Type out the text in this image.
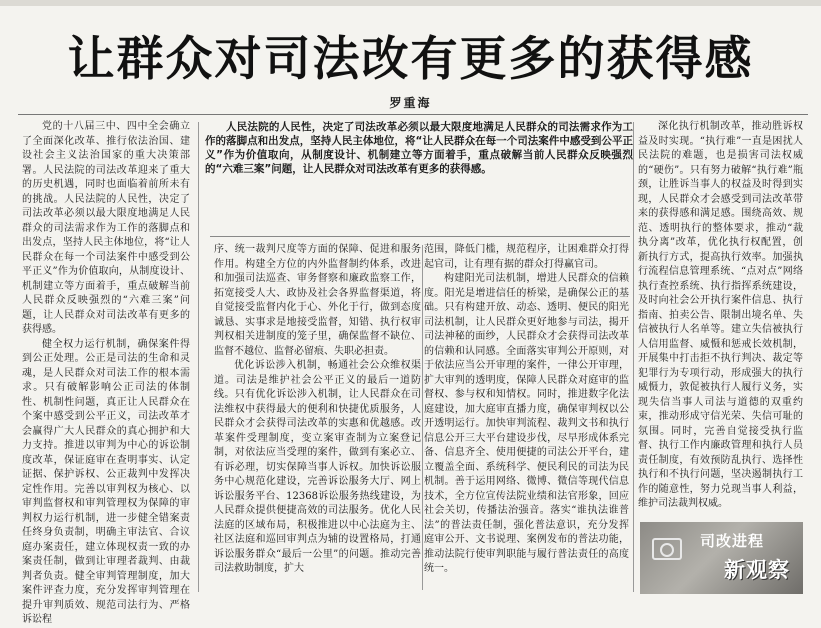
让群众对司法改有更多的获得感
罗重海

党的十八届三中、四中全会确立了全面深化改革、推行依法治国、建设社会主义法治国家的重大决策部署。人民法院的司法改革迎来了重大的历史机遇，同时也面临着前所未有的挑战。人民法院的人民性，决定了司法改革必须以最大限度地满足人民群众的司法需求作为工作的落脚点和出发点，坚持人民主体地位，将“让人民群众在每一个司法案件中感受到公平正义”作为价值取向，从制度设计、机制建立等方面着手，重点破解当前人民群众反映强烈的“六难三案”问题，让人民群众对司法改革有更多的获得感。

健全权力运行机制，确保案件得到公正处理。公正是司法的生命和灵魂，是人民群众对司法工作的根本需求。只有破解影响公正司法的体制性、机制性问题，真正让人民群众在个案中感受到公平正义，司法改革才会赢得广大人民群众的真心拥护和大力支持。推进以审判为中心的诉讼制度改革，保证庭审在查明事实、认定证据、保护诉权、公正裁判中发挥决定性作用。完善以审判权为核心、以审判监督权和审判管理权为保障的审判权力运行机制，进一步健全错案责任终身负责制，明确主审法官、合议庭办案责任，建立体现权责一致的办案责任制，做到让审理者裁判、由裁判者负责。健全审判管理制度，加大案件评查力度，充分发挥审判管理在提升审判质效、规范司法行为、严格诉讼程

人民法院的人民性，决定了司法改革必须以最大限度地满足人民群众的司法需求作为工作的落脚点和出发点，坚持人民主体地位，将“让人民群众在每一个司法案件中感受到公平正义”作为价值取向，从制度设计、机制建立等方面着手，重点破解当前人民群众反映强烈的“六难三案”问题，让人民群众对司法改革有更多的获得感。

序、统一裁判尺度等方面的保障、促进和服务作用。构建全方位的内外监督制约体系，改进和加强司法巡查、审务督察和廉政监察工作，拓宽接受人大、政协及社会各界监督渠道，将自觉接受监督内化于心、外化于行，做到态度诚恳、实事求是地接受监督，知错、执行权审判权相关进制度的笼子里，确保监督不缺位、监督不越位、监督必留痕、失职必担责。

优化诉讼涉入机制，畅通社会公众维权渠道。司法是维护社会公平正义的最后一道防线。只有优化诉讼涉入机制，让人民群众在司法维权中获得最大的便利和快捷优质服务，人民群众才会获得司法改革的实惠和优越感。改革案件受理制度，变立案审查制为立案登记制，对依法应当受理的案件，做到有案必立、有诉必理，切实保障当事人诉权。加快诉讼服务中心规范化建设，完善诉讼服务大厅、网上诉讼服务平台、12368诉讼服务热线建设，为人民群众提供便捷高效的司法服务。优化人民法庭的区域布局，积极推进以中心法庭为主、社区法庭和巡回审判点为辅的设置格局，打通诉讼服务群众“最后一公里”的问题。推动完善司法救助制度，扩大

范围，降低门槛，规范程序，让困难群众打得起官司，让有理有据的群众打得赢官司。

构建阳光司法机制，增进人民群众的信赖度。阳光是增进信任的桥梁，是确保公正的基础。只有构建开放、动态、透明、便民的阳光司法机制，让人民群众更好地参与司法，揭开司法神秘的面纱，人民群众才会获得司法改革的信赖和认同感。全面落实审判公开原则，对于依法应当公开审理的案件，一律公开审理，扩大审判的透明度，保障人民群众对庭审的监督权、参与权和知情权。同时，推进数字化法庭建设，加大庭审直播力度，确保审判权以公开透明运行。加快审判流程、裁判文书和执行信息公开三大平台建设步伐，尽早形成体系完备、信息齐全、使用便捷的司法公开平台，建立覆盖全面、系统科学、便民利民的司法为民机制。善于运用网络、微博、微信等现代信息技术，全方位宣传法院业绩和法官形象，回应社会关切，传播法治强音。落实“谁执法谁普法”的普法责任制，强化普法意识，充分发挥庭审公开、文书说理、案例发布的普法功能，推动法院行使审判职能与履行普法责任的高度统一。

深化执行机制改革，推动胜诉权益及时实现。“执行难”一直是困扰人民法院的难题，也是损害司法权威的“硬伤”。只有努力破解“执行难”瓶颈，让胜诉当事人的权益及时得到实现，人民群众才会感受到司法改革带来的获得感和满足感。围绕高效、规范、透明执行的整体要求，推动“裁执分离”改革，优化执行权配置，创新执行方式，提高执行效率。加强执行流程信息管理系统、“点对点”网络执行查控系统、执行指挥系统建设，及时向社会公开执行案件信息、执行指南、拍卖公告、限制出境名单、失信被执行人名单等。建立失信被执行人信用监督、威慑和惩戒长效机制，开展集中打击拒不执行判决、裁定等犯罪行为专项行动，形成强大的执行威慑力，敦促被执行人履行义务，实现失信当事人司法与道德的双重约束，推动形成守信光荣、失信可耻的氛围。同时，完善自觉接受执行监督、执行工作内廉政管理和执行人员责任制度，有效预防乱执行、选择性执行和不执行问题，坚决遏制执行工作的随意性，努力兑现当事人利益，维护司法裁判权威。

司改进程
新观察
